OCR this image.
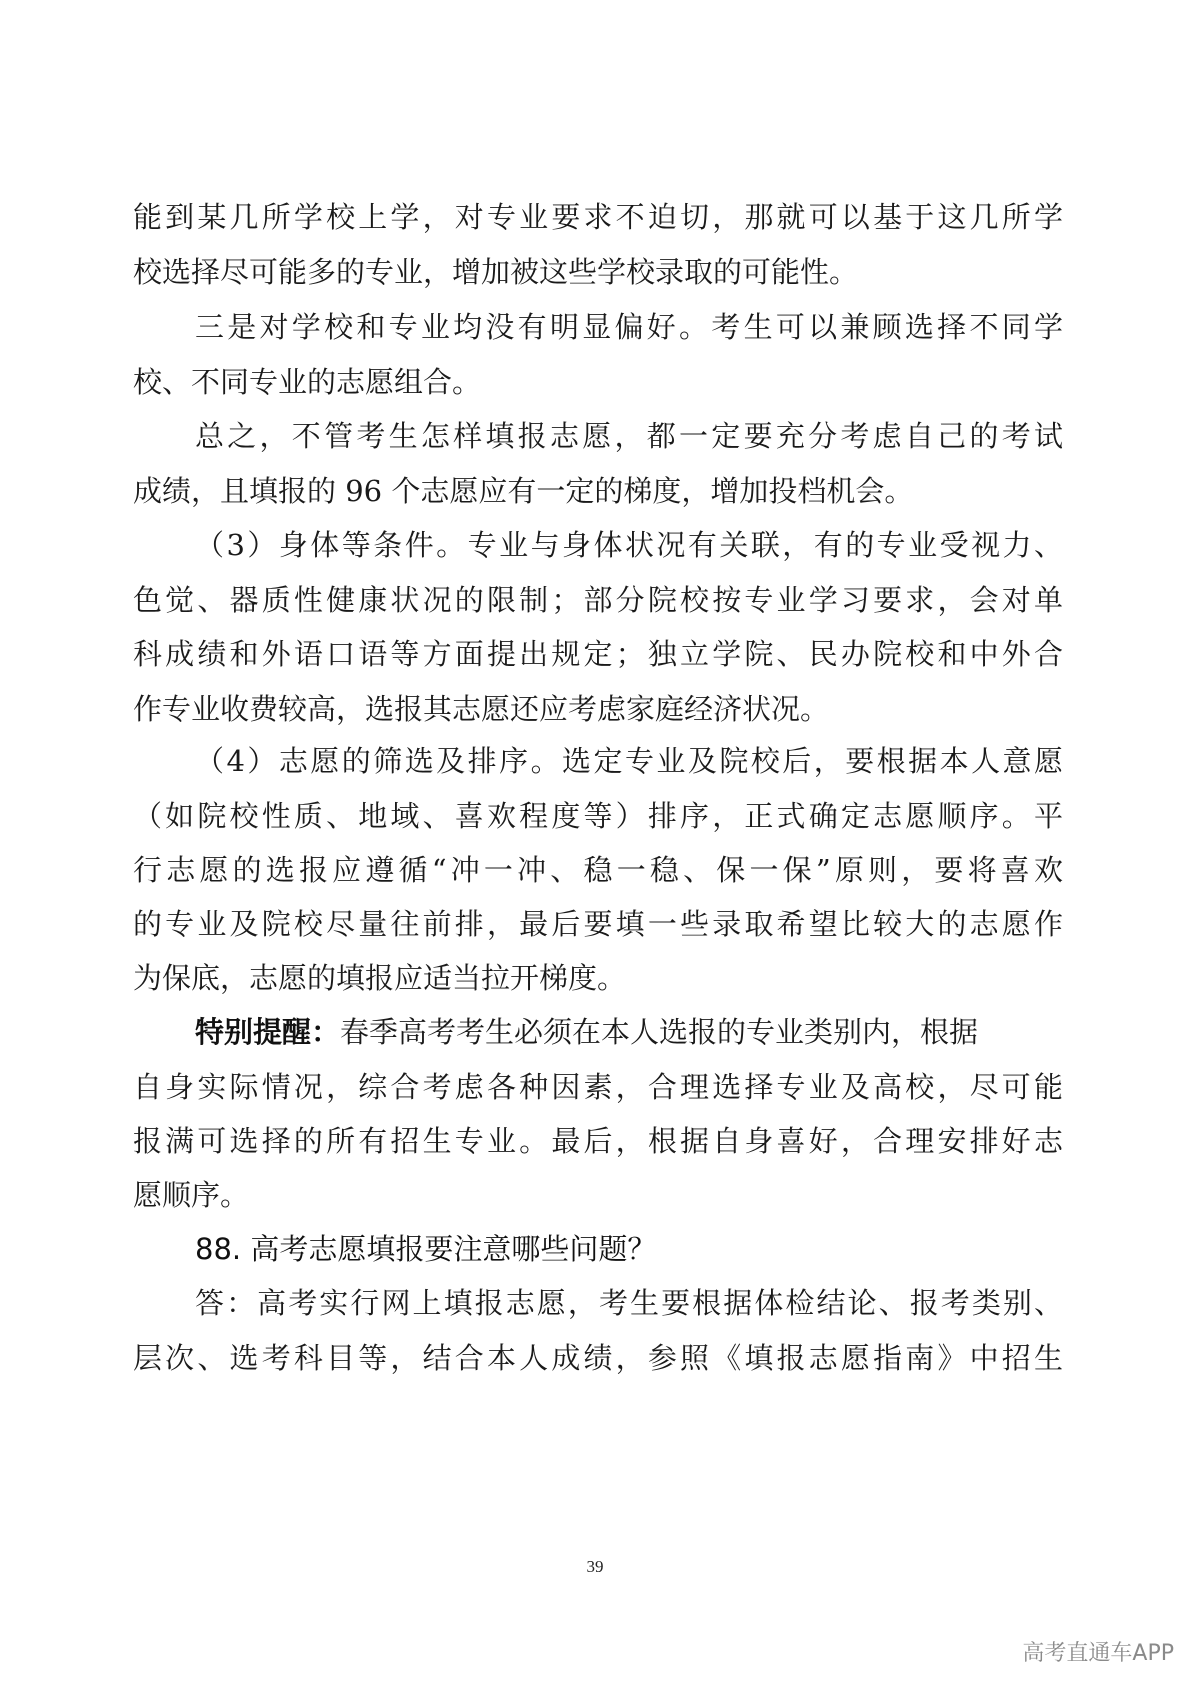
能到某几所学校上学，对专业要求不迫切，那就可以基于这几所学

校选择尽可能多的专业，增加被这些学校录取的可能性。

三是对学校和专业均没有明显偏好。考生可以兼顾选择不同学

校、不同专业的志愿组合。

总之，不管考生怎样填报志愿，都一定要充分考虑自己的考试

成绩，且填报的 96 个志愿应有一定的梯度，增加投档机会。

（3）身体等条件。专业与身体状况有关联，有的专业受视力、

色觉、器质性健康状况的限制；部分院校按专业学习要求，会对单

科成绩和外语口语等方面提出规定；独立学院、民办院校和中外合

作专业收费较高，选报其志愿还应考虑家庭经济状况。

（4）志愿的筛选及排序。选定专业及院校后，要根据本人意愿

（如院校性质、地域、喜欢程度等）排序，正式确定志愿顺序。平

行志愿的选报应遵循“冲一冲、稳一稳、保一保”原则，要将喜欢

的专业及院校尽量往前排，最后要填一些录取希望比较大的志愿作

为保底，志愿的填报应适当拉开梯度。

特别提醒：春季高考考生必须在本人选报的专业类别内，根据

自身实际情况，综合考虑各种因素，合理选择专业及高校，尽可能

报满可选择的所有招生专业。最后，根据自身喜好，合理安排好志

愿顺序。

88. 高考志愿填报要注意哪些问题？

答：高考实行网上填报志愿，考生要根据体检结论、报考类别、

层次、选考科目等，结合本人成绩，参照《填报志愿指南》中招生

39
高考直通车APP
